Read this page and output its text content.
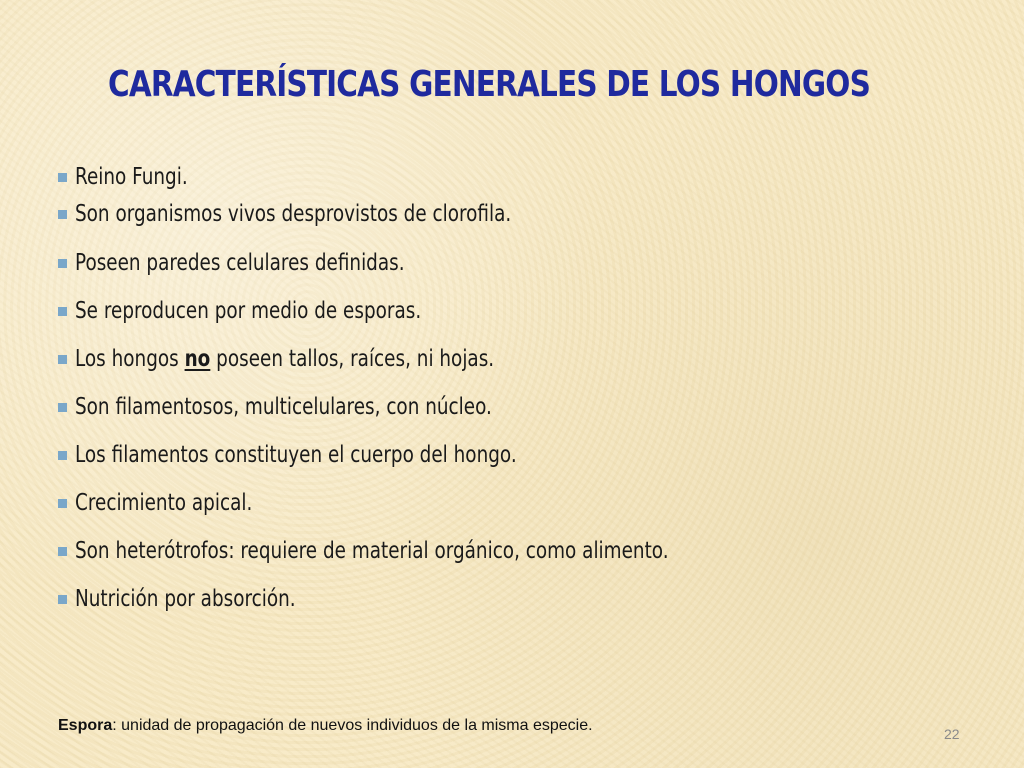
CARACTERÍSTICAS GENERALES DE LOS HONGOS
Reino Fungi.
Son organismos vivos desprovistos de clorofila.
Poseen paredes celulares definidas.
Se reproducen por medio de esporas.
Los hongos no poseen tallos, raíces, ni hojas.
Son filamentosos, multicelulares, con núcleo.
Los filamentos constituyen el cuerpo del hongo.
Crecimiento apical.
Son heterótrofos: requiere de material orgánico, como alimento.
Nutrición por absorción.
Espora: unidad de propagación de nuevos individuos de la misma especie.	22
